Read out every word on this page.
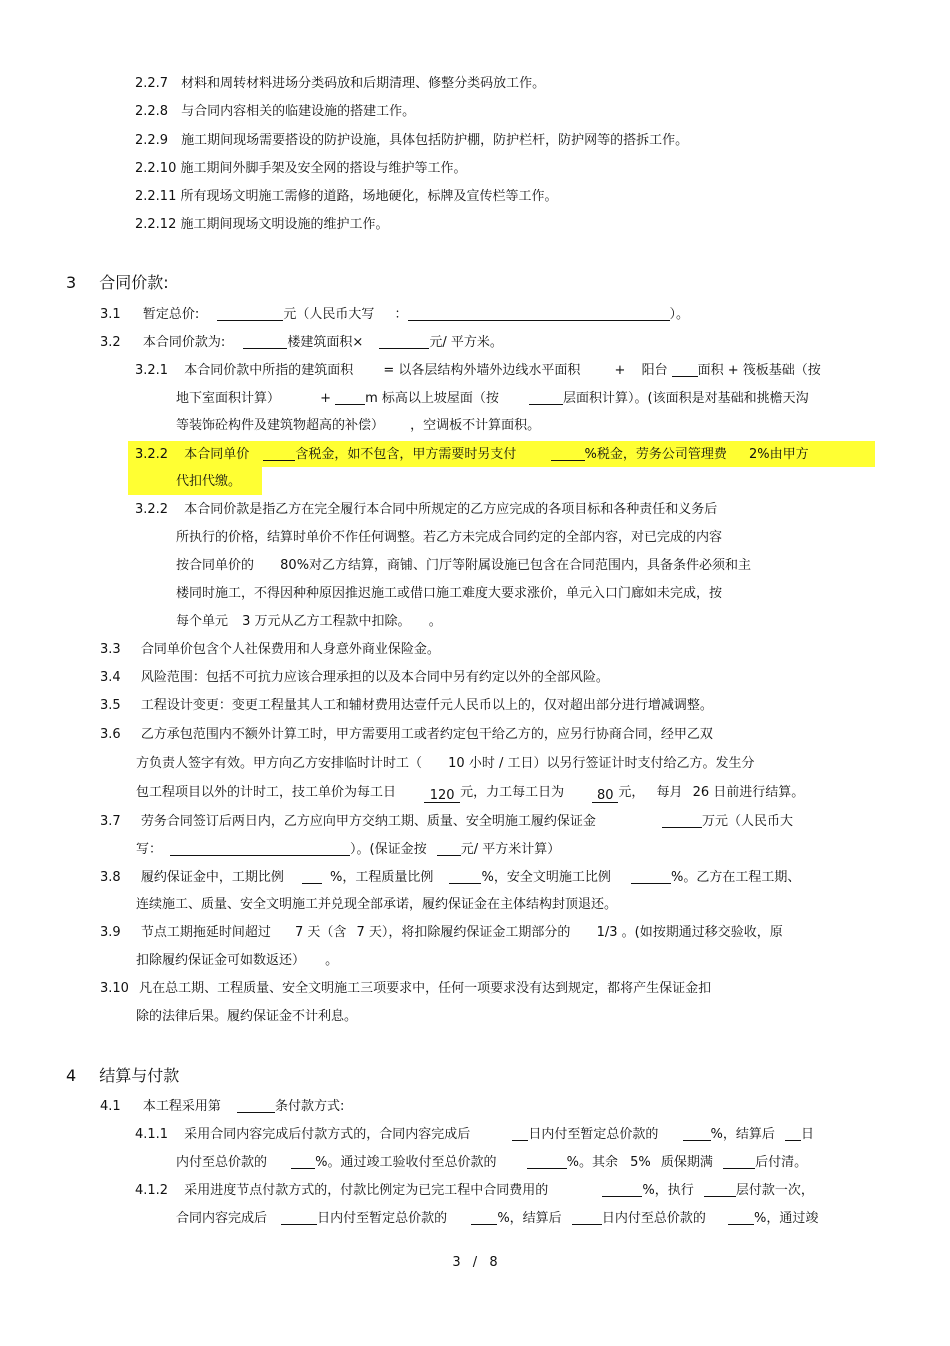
2.2.7　材料和周转材料进场分类码放和后期清理、修整分类码放工作。
2.2.8　与合同内容相关的临建设施的搭建工作。
2.2.9　施工期间现场需要搭设的防护设施，具体包括防护棚，防护栏杆，防护网等的搭拆工作。
2.2.10 施工期间外脚手架及安全网的搭设与维护等工作。
2.2.11 所有现场文明施工需修的道路，场地硬化，标牌及宣传栏等工作。
2.2.12 施工期间现场文明设施的维护工作。
3 合同价款:
3.1 暂定总价:	元（人民币大写 ：	）。
3.2 本合同价款为:	楼建筑面积×	元/ 平方米。
3.2.1 本合同价款中所指的建筑面积 = 以各层结构外墙外边线水平面积	+ 阳台 面积 + 筏板基础（按
地下室面积计算）	+	m 标高以上坡屋面（按	层面积计算）。(该面积是对基础和挑檐天沟
等装饰砼构件及建筑物超高的补偿） ，空调板不计算面积。
3.2.2 本合同单价	含税金，如不包含，甲方需要时另支付	%税金，劳务公司管理费 2%由甲方
代扣代缴。
3.2.2 本合同价款是指乙方在完全履行本合同中所规定的乙方应完成的各项目标和各种责任和义务后
所执行的价格，结算时单价不作任何调整。若乙方未完成合同约定的全部内容，对已完成的内容
按合同单价的 80%对乙方结算，商铺、门厅等附属设施已包含在合同范围内，具备条件必须和主
楼同时施工，不得因种种原因推迟施工或借口施工难度大要求涨价，单元入口门廊如未完成，按
每个单元 3 万元从乙方工程款中扣除。 。
3.3 合同单价包含个人社保费用和人身意外商业保险金。
3.4 风险范围：包括不可抗力应该合理承担的以及本合同中另有约定以外的全部风险。
3.5 工程设计变更：变更工程量其人工和辅材费用达壹仟元人民币以上的，仅对超出部分进行增减调整。
3.6 乙方承包范围内不额外计算工时，甲方需要用工或者约定包干给乙方的，应另行协商合同，经甲乙双
方负责人签字有效。甲方向乙方安排临时计时工（ 10 小时 / 工日）以另行签证计时支付给乙方。发生分
包工程项目以外的计时工，技工单价为每工日	120 元，力工每工日为	80 元， 每月 26 日前进行结算。
3.7 劳务合同签订后两日内，乙方应向甲方交纳工期、质量、安全明施工履约保证金	万元（人民币大
写：	）。(保证金按	元/ 平方米计算）
3.8 履约保证金中，工期比例	%，工程质量比例	%，安全文明施工比例	%。乙方在工程工期、
连续施工、质量、安全文明施工并兑现全部承诺，履约保证金在主体结构封顶退还。
3.9 节点工期拖延时间超过 7 天（含 7 天），将扣除履约保证金工期部分的 1/3 。(如按期通过移交验收，原
扣除履约保证金可如数返还） 。
3.10 凡在总工期、工程质量、安全文明施工三项要求中，任何一项要求没有达到规定，都将产生保证金扣
除的法律后果。履约保证金不计利息。
4 结算与付款
4.1 本工程采用第	条付款方式:
4.1.1 采用合同内容完成后付款方式的，合同内容完成后	日内付至暂定总价款的	%，结算后 日
内付至总价款的	%。通过竣工验收付至总价款的	%。其余 5% 质保期满	后付清。
4.1.2 采用进度节点付款方式的，付款比例定为已完工程中合同费用的	%，执行	层付款一次，
合同内容完成后	日内付至暂定总价款的	%，结算后	日内付至总价款的	%，通过竣
3 / 8
